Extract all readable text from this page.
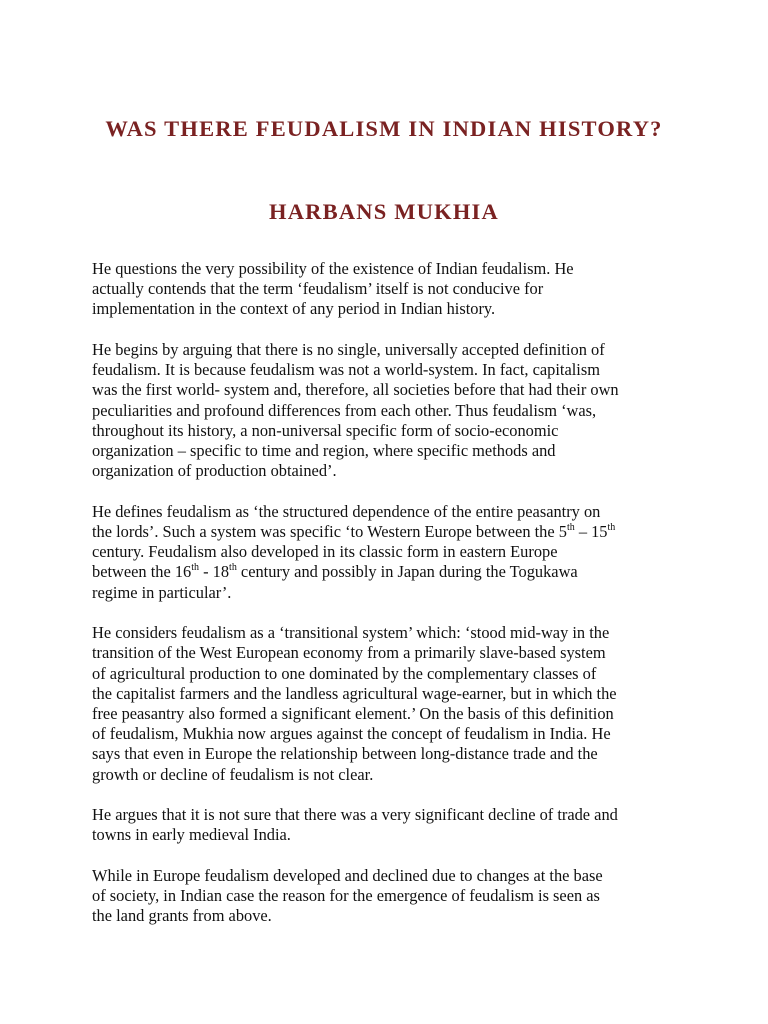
WAS THERE FEUDALISM IN INDIAN HISTORY?
HARBANS MUKHIA

He questions the very possibility of the existence of Indian feudalism. He
actually contends that the term ‘feudalism’ itself is not conducive for
implementation in the context of any period in Indian history.

He begins by arguing that there is no single, universally accepted definition of
feudalism. It is because feudalism was not a world-system. In fact, capitalism
was the first world- system and, therefore, all societies before that had their own
peculiarities and profound differences from each other. Thus feudalism ‘was,
throughout its history, a non-universal specific form of socio-economic
organization – specific to time and region, where specific methods and
organization of production obtained’.

He defines feudalism as ‘the structured dependence of the entire peasantry on
the lords’. Such a system was specific ‘to Western Europe between the 5th – 15th
century. Feudalism also developed in its classic form in eastern Europe
between the 16th - 18th century and possibly in Japan during the Togukawa
regime in particular’.

He considers feudalism as a ‘transitional system’ which: ‘stood mid-way in the
transition of the West European economy from a primarily slave-based system
of agricultural production to one dominated by the complementary classes of
the capitalist farmers and the landless agricultural wage-earner, but in which the
free peasantry also formed a significant element.’ On the basis of this definition
of feudalism, Mukhia now argues against the concept of feudalism in India. He
says that even in Europe the relationship between long-distance trade and the
growth or decline of feudalism is not clear.

He argues that it is not sure that there was a very significant decline of trade and
towns in early medieval India.

While in Europe feudalism developed and declined due to changes at the base
of society, in Indian case the reason for the emergence of feudalism is seen as
the land grants from above.
